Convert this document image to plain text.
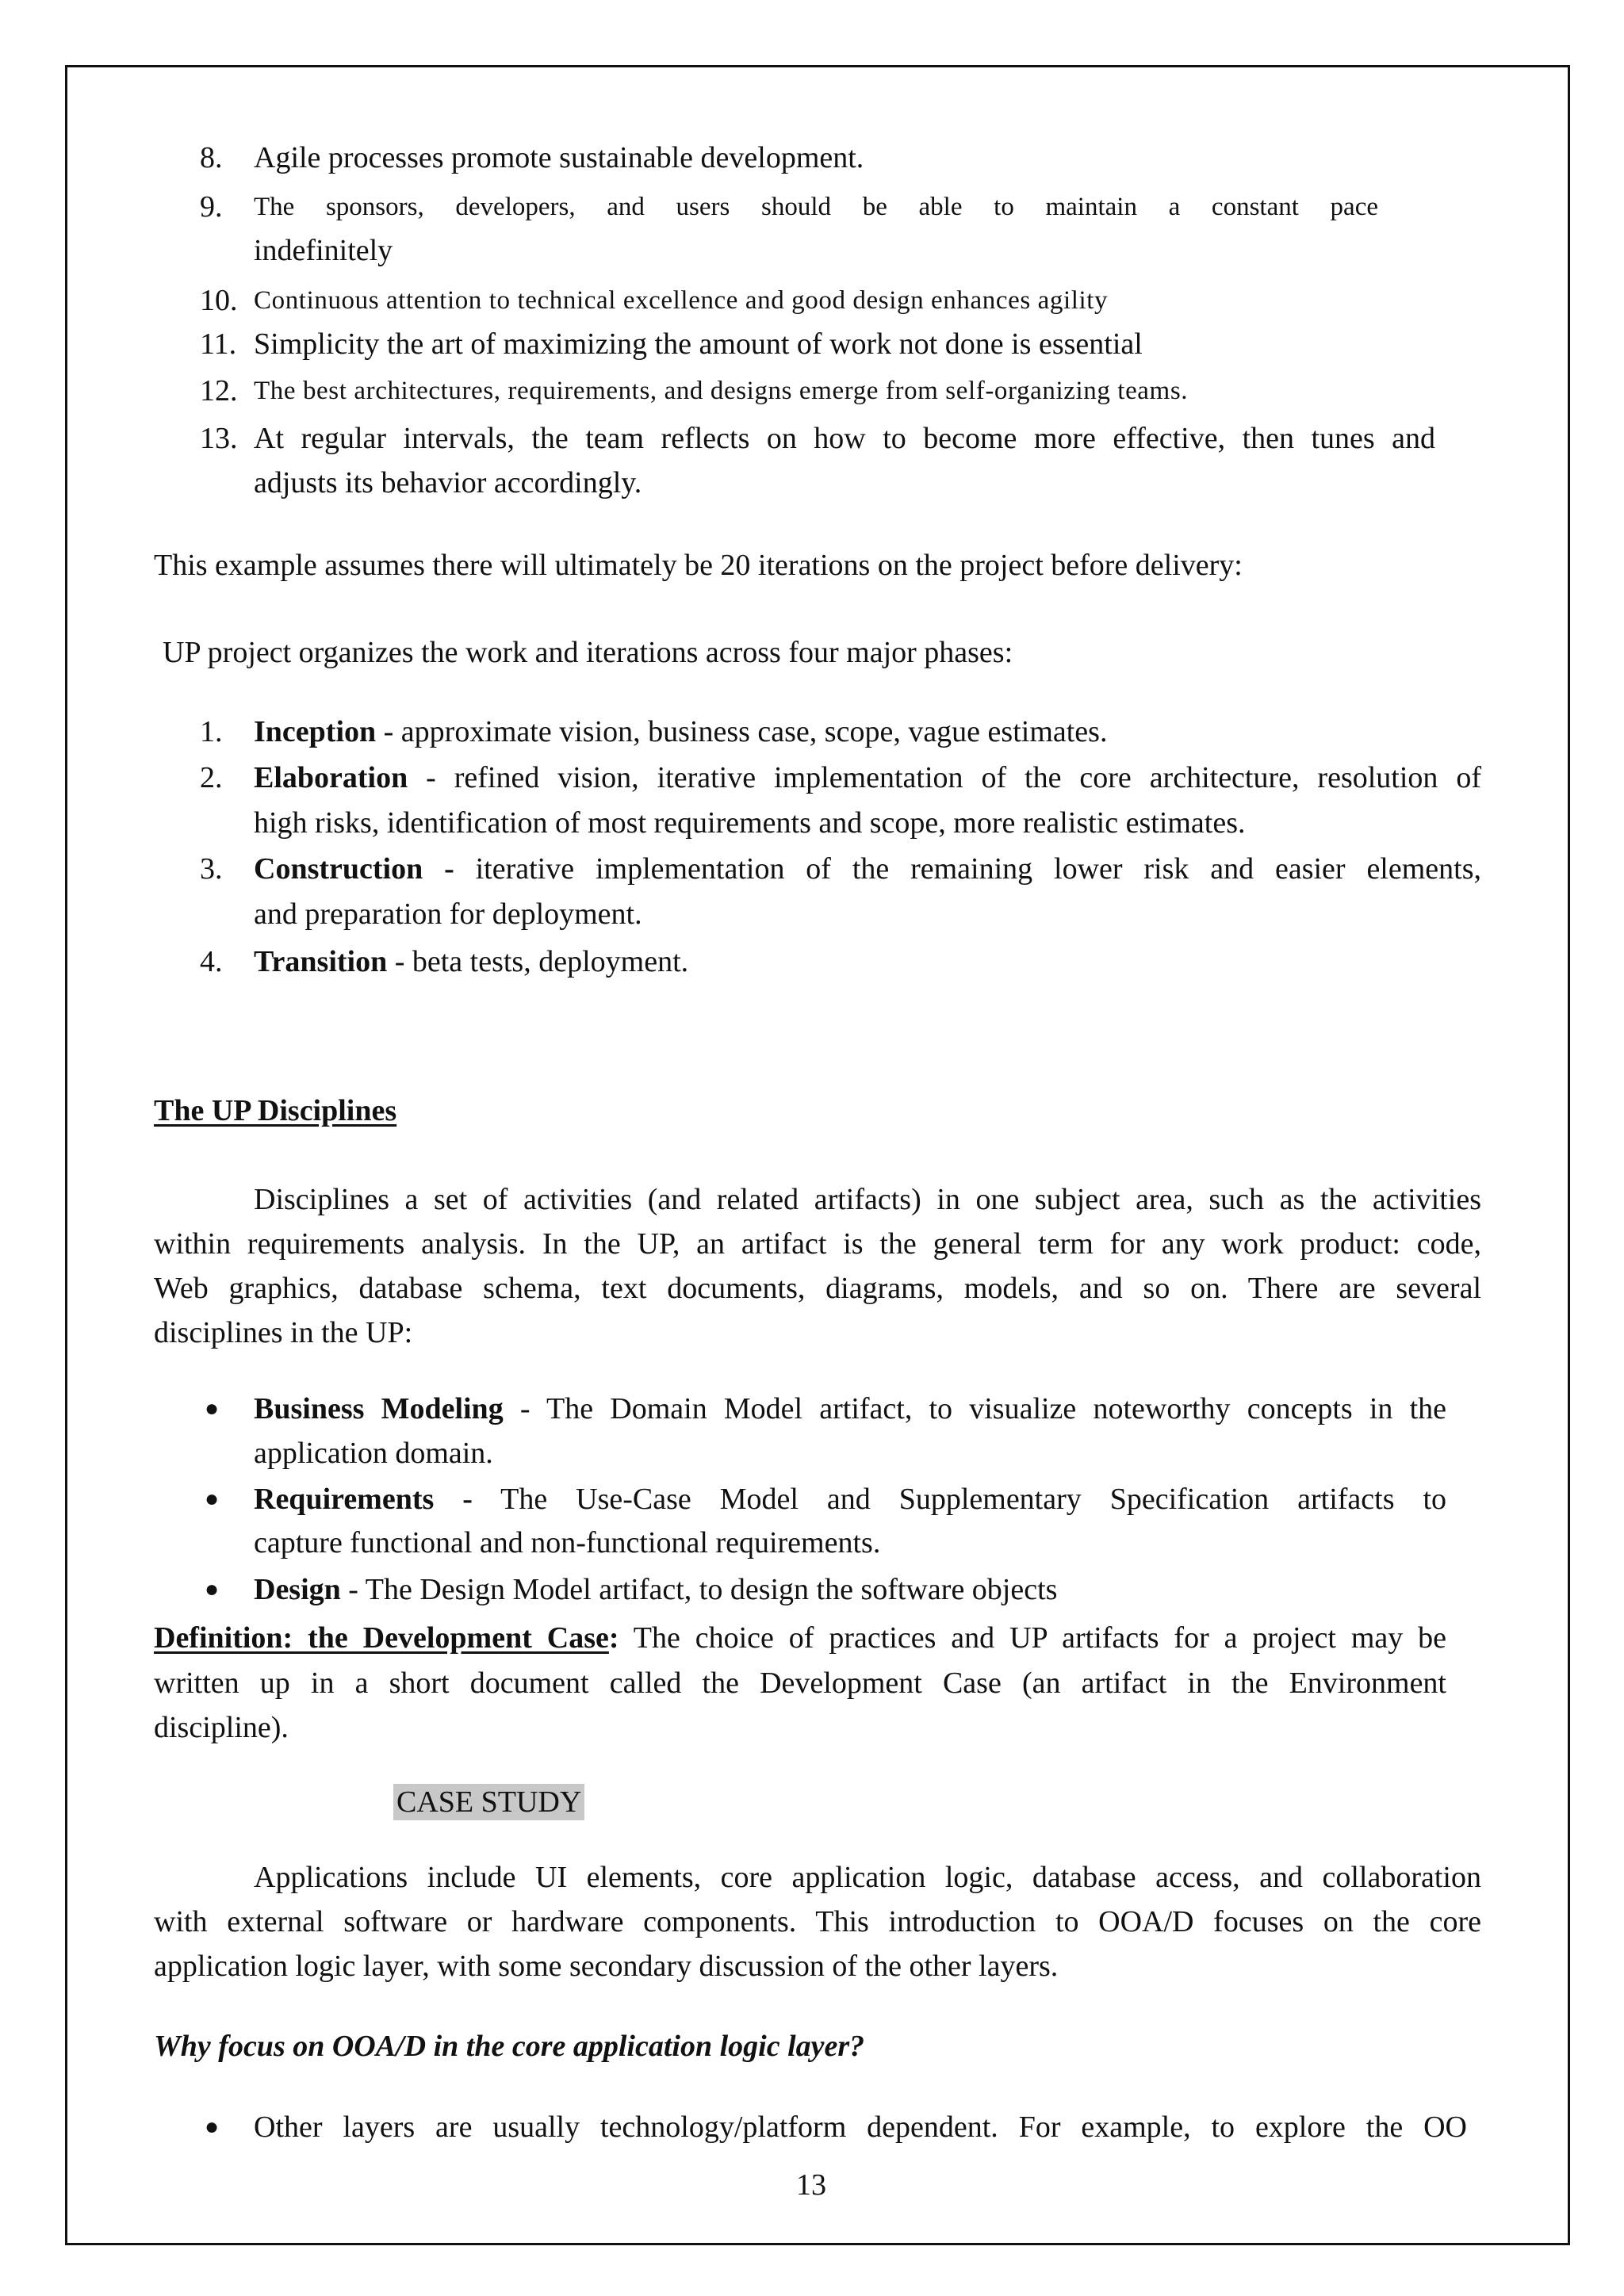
8. Agile processes promote sustainable development.
9. The sponsors, developers, and users should be able to maintain a constant pace
indefinitely
10. Continuous attention to technical excellence and good design enhances agility
11. Simplicity the art of maximizing the amount of work not done is essential
12. The best architectures, requirements, and designs emerge from self-organizing teams.
13. At regular intervals, the team reflects on how to become more effective, then tunes and
adjusts its behavior accordingly.
This example assumes there will ultimately be 20 iterations on the project before delivery:
UP project organizes the work and iterations across four major phases:
1. Inception - approximate vision, business case, scope, vague estimates.
2. Elaboration - refined vision, iterative implementation of the core architecture, resolution of
high risks, identification of most requirements and scope, more realistic estimates.
3. Construction - iterative implementation of the remaining lower risk and easier elements,
and preparation for deployment.
4. Transition - beta tests, deployment.
The UP Disciplines
Disciplines a set of activities (and related artifacts) in one subject area, such as the activities
within requirements analysis. In the UP, an artifact is the general term for any work product: code,
Web graphics, database schema, text documents, diagrams, models, and so on. There are several
disciplines in the UP:
● Business Modeling - The Domain Model artifact, to visualize noteworthy concepts in the
application domain.
● Requirements - The Use-Case Model and Supplementary Specification artifacts to
capture functional and non-functional requirements.
● Design - The Design Model artifact, to design the software objects
Definition: the Development Case: The choice of practices and UP artifacts for a project may be
written up in a short document called the Development Case (an artifact in the Environment
discipline).
CASE STUDY
Applications include UI elements, core application logic, database access, and collaboration
with external software or hardware components. This introduction to OOA/D focuses on the core
application logic layer, with some secondary discussion of the other layers.
Why focus on OOA/D in the core application logic layer?
● Other layers are usually technology/platform dependent. For example, to explore the OO
13
